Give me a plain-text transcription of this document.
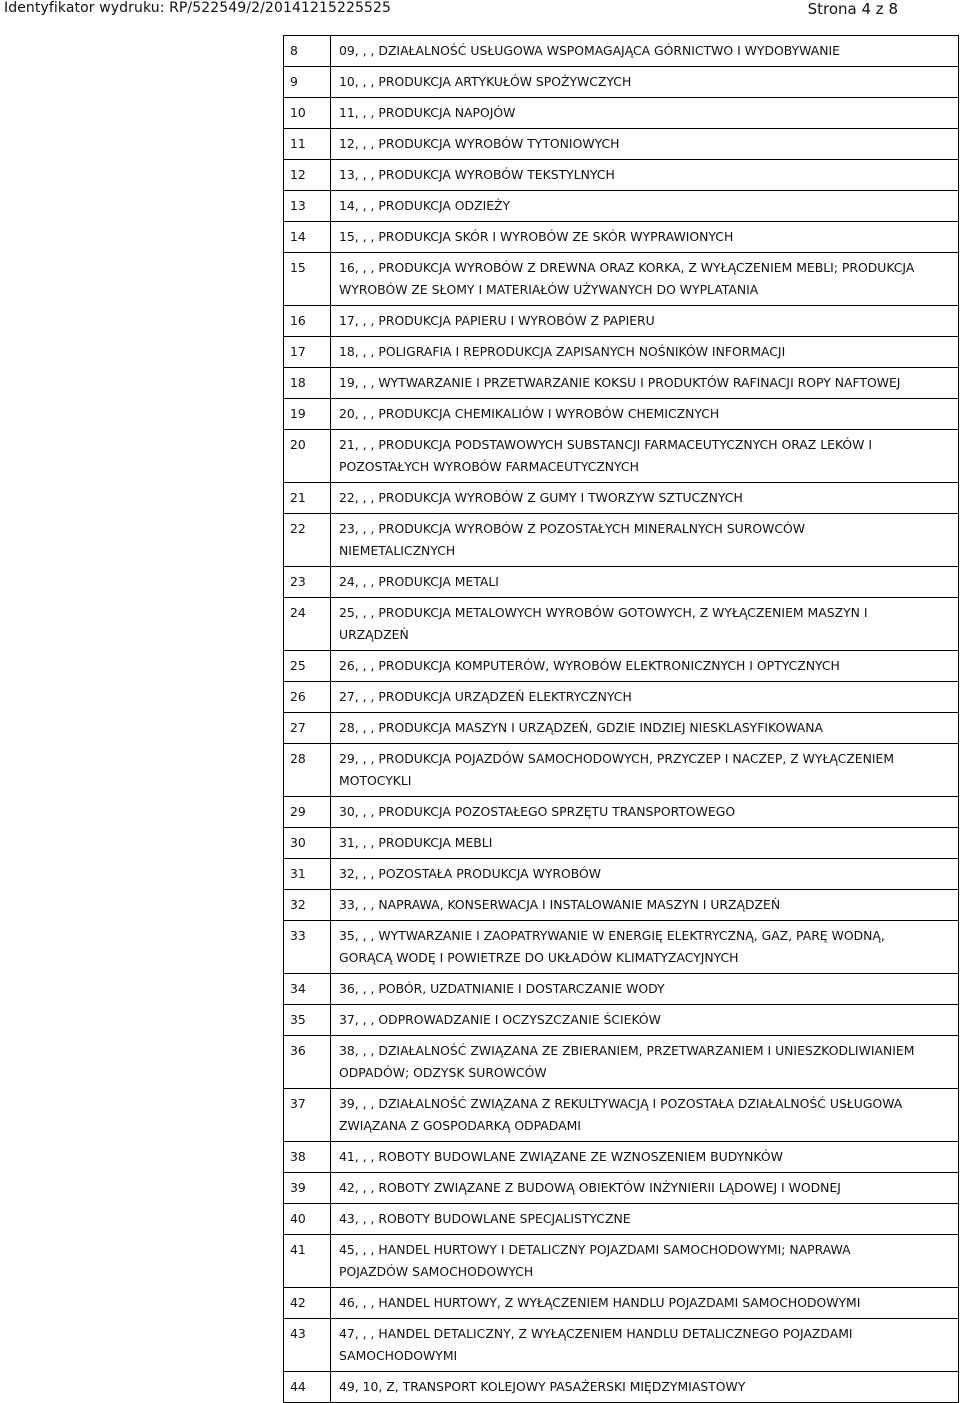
Identyfikator wydruku: RP/522549/2/20141215225525	Strona 4 z 8
8	09, , , DZIAŁALNOŚĆ USŁUGOWA WSPOMAGAJĄCA GÓRNICTWO I WYDOBYWANIE

9	10, , , PRODUKCJA ARTYKUŁÓW SPOŻYWCZYCH

10	11, , , PRODUKCJA NAPOJÓW

11	12, , , PRODUKCJA WYROBÓW TYTONIOWYCH

12	13, , , PRODUKCJA WYROBÓW TEKSTYLNYCH

13	14, , , PRODUKCJA ODZIEŻY

14	15, , , PRODUKCJA SKÓR I WYROBÓW ZE SKÓR WYPRAWIONYCH

15	16, , , PRODUKCJA WYROBÓW Z DREWNA ORAZ KORKA, Z WYŁĄCZENIEM MEBLI; PRODUKCJA
WYROBÓW ZE SŁOMY I MATERIAŁÓW UŻYWANYCH DO WYPLATANIA

16	17, , , PRODUKCJA PAPIERU I WYROBÓW Z PAPIERU

17	18, , , POLIGRAFIA I REPRODUKCJA ZAPISANYCH NOŚNIKÓW INFORMACJI

18	19, , , WYTWARZANIE I PRZETWARZANIE KOKSU I PRODUKTÓW RAFINACJI ROPY NAFTOWEJ

19	20, , , PRODUKCJA CHEMIKALIÓW I WYROBÓW CHEMICZNYCH

20	21, , , PRODUKCJA PODSTAWOWYCH SUBSTANCJI FARMACEUTYCZNYCH ORAZ LEKÓW I
POZOSTAŁYCH WYROBÓW FARMACEUTYCZNYCH

21	22, , , PRODUKCJA WYROBÓW Z GUMY I TWORZYW SZTUCZNYCH

22	23, , , PRODUKCJA WYROBÓW Z POZOSTAŁYCH MINERALNYCH SUROWCÓW
NIEMETALICZNYCH

23	24, , , PRODUKCJA METALI

24	25, , , PRODUKCJA METALOWYCH WYROBÓW GOTOWYCH, Z WYŁĄCZENIEM MASZYN I
URZĄDZEŃ

25	26, , , PRODUKCJA KOMPUTERÓW, WYROBÓW ELEKTRONICZNYCH I OPTYCZNYCH

26	27, , , PRODUKCJA URZĄDZEŃ ELEKTRYCZNYCH

27	28, , , PRODUKCJA MASZYN I URZĄDZEŃ, GDZIE INDZIEJ NIESKLASYFIKOWANA

28	29, , , PRODUKCJA POJAZDÓW SAMOCHODOWYCH, PRZYCZEP I NACZEP, Z WYŁĄCZENIEM
MOTOCYKLI

29	30, , , PRODUKCJA POZOSTAŁEGO SPRZĘTU TRANSPORTOWEGO

30	31, , , PRODUKCJA MEBLI

31	32, , , POZOSTAŁA PRODUKCJA WYROBÓW

32	33, , , NAPRAWA, KONSERWACJA I INSTALOWANIE MASZYN I URZĄDZEŃ

33	35, , , WYTWARZANIE I ZAOPATRYWANIE W ENERGIĘ ELEKTRYCZNĄ, GAZ, PARĘ WODNĄ,
GORĄCĄ WODĘ I POWIETRZE DO UKŁADÓW KLIMATYZACYJNYCH

34	36, , , POBÓR, UZDATNIANIE I DOSTARCZANIE WODY

35	37, , , ODPROWADZANIE I OCZYSZCZANIE ŚCIEKÓW

36	38, , , DZIAŁALNOŚĆ ZWIĄZANA ZE ZBIERANIEM, PRZETWARZANIEM I UNIESZKODLIWIANIEM
ODPADÓW; ODZYSK SUROWCÓW

37	39, , , DZIAŁALNOŚĆ ZWIĄZANA Z REKULTYWACJĄ I POZOSTAŁA DZIAŁALNOŚĆ USŁUGOWA
ZWIĄZANA Z GOSPODARKĄ ODPADAMI

38	41, , , ROBOTY BUDOWLANE ZWIĄZANE ZE WZNOSZENIEM BUDYNKÓW

39	42, , , ROBOTY ZWIĄZANE Z BUDOWĄ OBIEKTÓW INŻYNIERII LĄDOWEJ I WODNEJ

40	43, , , ROBOTY BUDOWLANE SPECJALISTYCZNE

41	45, , , HANDEL HURTOWY I DETALICZNY POJAZDAMI SAMOCHODOWYMI; NAPRAWA
POJAZDÓW SAMOCHODOWYCH

42	46, , , HANDEL HURTOWY, Z WYŁĄCZENIEM HANDLU POJAZDAMI SAMOCHODOWYMI

43	47, , , HANDEL DETALICZNY, Z WYŁĄCZENIEM HANDLU DETALICZNEGO POJAZDAMI
SAMOCHODOWYMI

44	49, 10, Z, TRANSPORT KOLEJOWY PASAŻERSKI MIĘDZYMIASTOWY
